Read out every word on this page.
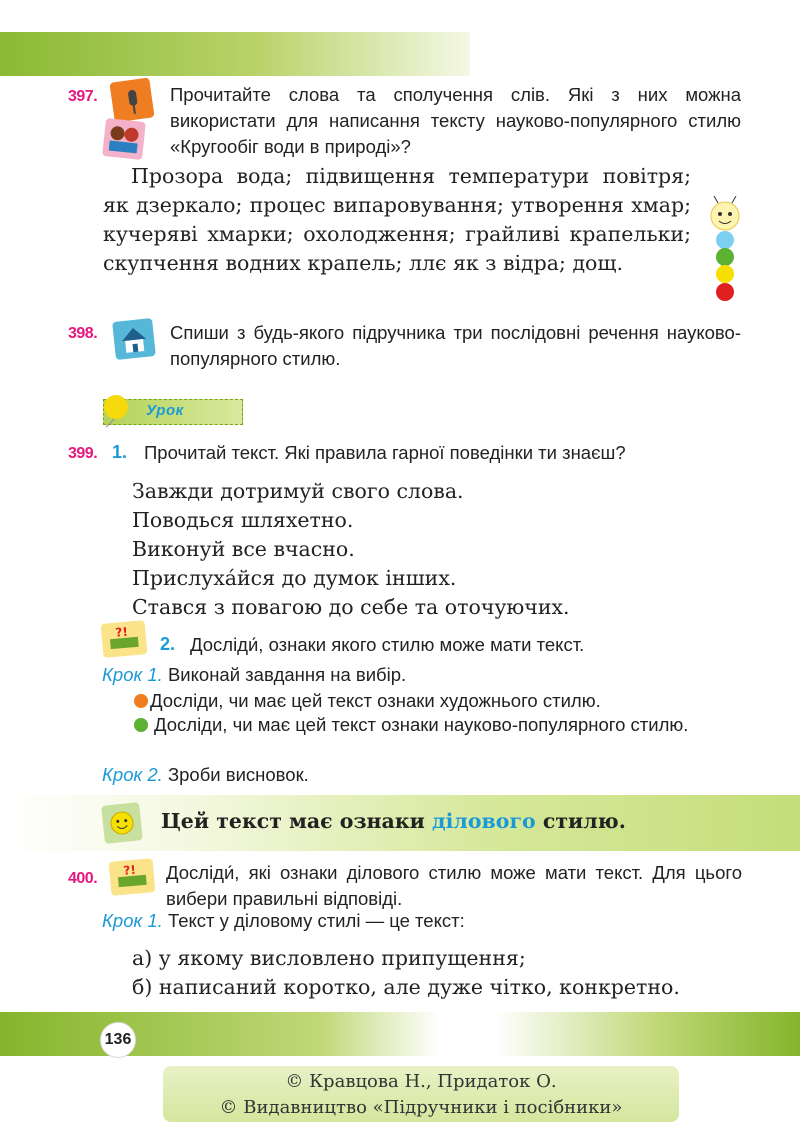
397.	Прочитайте слова та сполучення слів. Які з них можна використати для написання тексту науково-популярного стилю «Кругообіг води в природі»?
Прозора вода; підвищення температури повітря; як дзеркало; процес випаровування; утворення хмар; кучеряві хмарки; охолодження; грайливі крапельки; скупчення водних крапель; ллє як з відра; дощ.
398.	Спиши з будь-якого підручника три послідовні речення науково-популярного стилю.
Урок
399. 1. Прочитай текст. Які правила гарної поведінки ти знаєш?
Завжди дотримуй свого слова.
Поводься шляхетно.
Виконуй все вчасно.
Прислуха́йся до думок інших.
Стався з повагою до себе та оточуючих.
?!
2. Дослiди́, ознаки якого стилю може мати текст.
Крок 1. Виконай завдання на вибір.
Досліди, чи має цей текст ознаки художнього стилю.
Досліди, чи має цей текст ознаки науково-популярного стилю.
Крок 2. Зроби висновок.
Цей текст має ознаки ділового стилю.
400. ?! Дослiди́, які ознаки ділового стилю може мати текст. Для цього вибери правильні відповіді.
Крок 1. Текст у діловому стилі — це текст:
а) у якому висловлено припущення;
б) написаний коротко, але дуже чітко, конкретно.
136
© Кравцова Н., Придаток О.
© Видавництво «Підручники і посібники»
